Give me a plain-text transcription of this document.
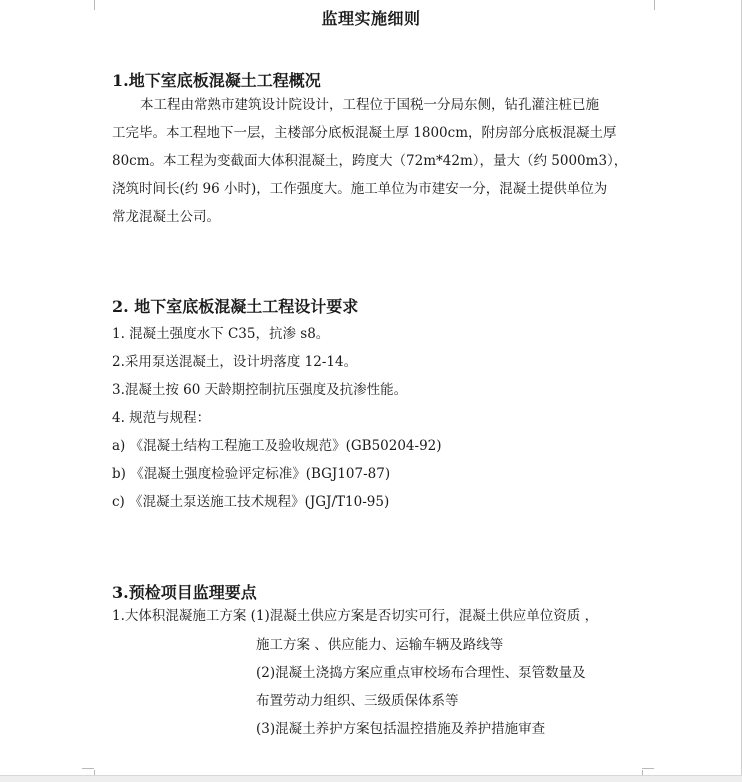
监理实施细则
1.地下室底板混凝土工程概况
本工程由常熟市建筑设计院设计，工程位于国税一分局东侧，钻孔灌注桩已施
工完毕。本工程地下一层，主楼部分底板混凝土厚 1800cm，附房部分底板混凝土厚
80cm。本工程为变截面大体积混凝土，跨度大（72m*42m），量大（约 5000m3），
浇筑时间长(约 96 小时)，工作强度大。施工单位为市建安一分，混凝土提供单位为
常龙混凝土公司。
2. 地下室底板混凝土工程设计要求
1. 混凝土强度水下 C35，抗渗 s8。
2.采用泵送混凝土，设计坍落度 12-14。
3.混凝土按 60 天龄期控制抗压强度及抗渗性能。
4. 规范与规程：
a) 《混凝土结构工程施工及验收规范》(GB50204-92)
b) 《混凝土强度检验评定标准》(BGJ107-87)
c) 《混凝土泵送施工技术规程》(JGJ/T10-95)
3.预检项目监理要点
1.大体积混凝施工方案 (1)混凝土供应方案是否切实可行，混凝土供应单位资质 ，
施工方案 、供应能力、运输车辆及路线等
(2)混凝土浇捣方案应重点审校场布合理性、泵管数量及
布置劳动力组织、三级质保体系等
(3)混凝土养护方案包括温控措施及养护措施审查
